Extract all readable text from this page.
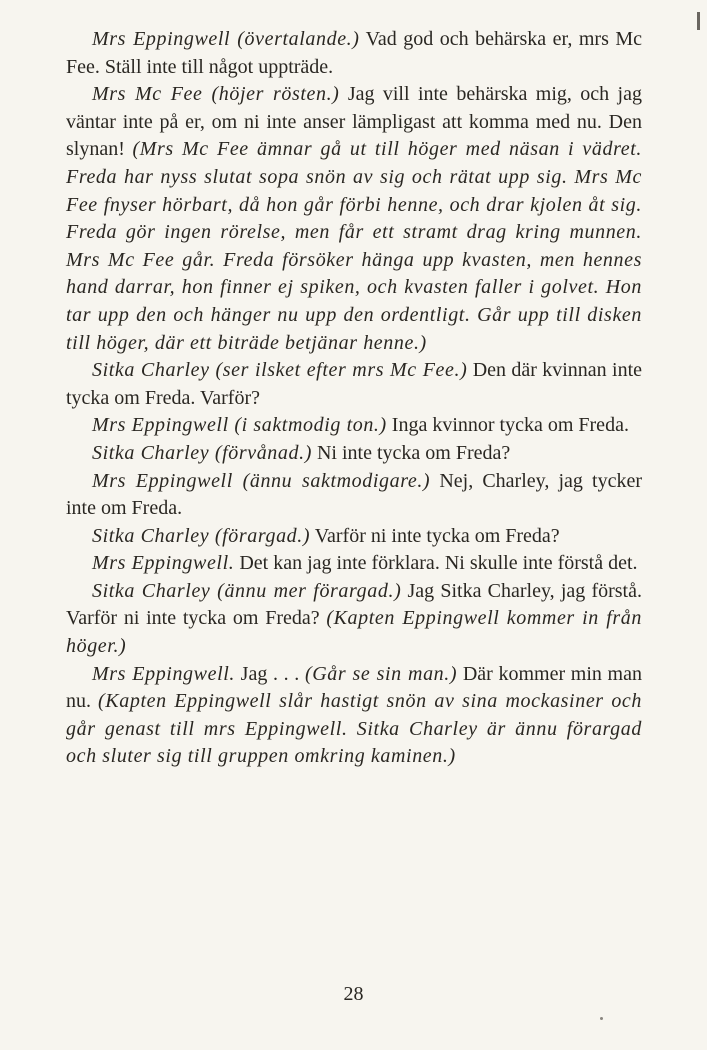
Mrs Eppingwell (övertalande.) Vad god och behärska er, mrs Mc Fee. Ställ inte till något uppträde.

Mrs Mc Fee (höjer rösten.) Jag vill inte behärska mig, och jag väntar inte på er, om ni inte anser lämpligast att komma med nu. Den slynan! (Mrs Mc Fee ämnar gå ut till höger med näsan i vädret. Freda har nyss slutat sopa snön av sig och rätat upp sig. Mrs Mc Fee fnyser hörbart, då hon går förbi henne, och drar kjolen åt sig. Freda gör ingen rörelse, men får ett stramt drag kring munnen. Mrs Mc Fee går. Freda försöker hänga upp kvasten, men hennes hand darrar, hon finner ej spiken, och kvasten faller i golvet. Hon tar upp den och hänger nu upp den ordentligt. Går upp till disken till höger, där ett biträde betjänar henne.)

Sitka Charley (ser ilsket efter mrs Mc Fee.) Den där kvinnan inte tycka om Freda. Varför?

Mrs Eppingwell (i saktmodig ton.) Inga kvinnor tycka om Freda.

Sitka Charley (förvånad.) Ni inte tycka om Freda?

Mrs Eppingwell (ännu saktmodigare.) Nej, Charley, jag tycker inte om Freda.

Sitka Charley (förargad.) Varför ni inte tycka om Freda?

Mrs Eppingwell. Det kan jag inte förklara. Ni skulle inte förstå det.

Sitka Charley (ännu mer förargad.) Jag Sitka Charley, jag förstå. Varför ni inte tycka om Freda? (Kapten Eppingwell kommer in från höger.)

Mrs Eppingwell. Jag . . . (Går se sin man.) Där kommer min man nu. (Kapten Eppingwell slår hastigt snön av sina mockasiner och går genast till mrs Eppingwell. Sitka Charley är ännu förargad och sluter sig till gruppen omkring kaminen.)

28
